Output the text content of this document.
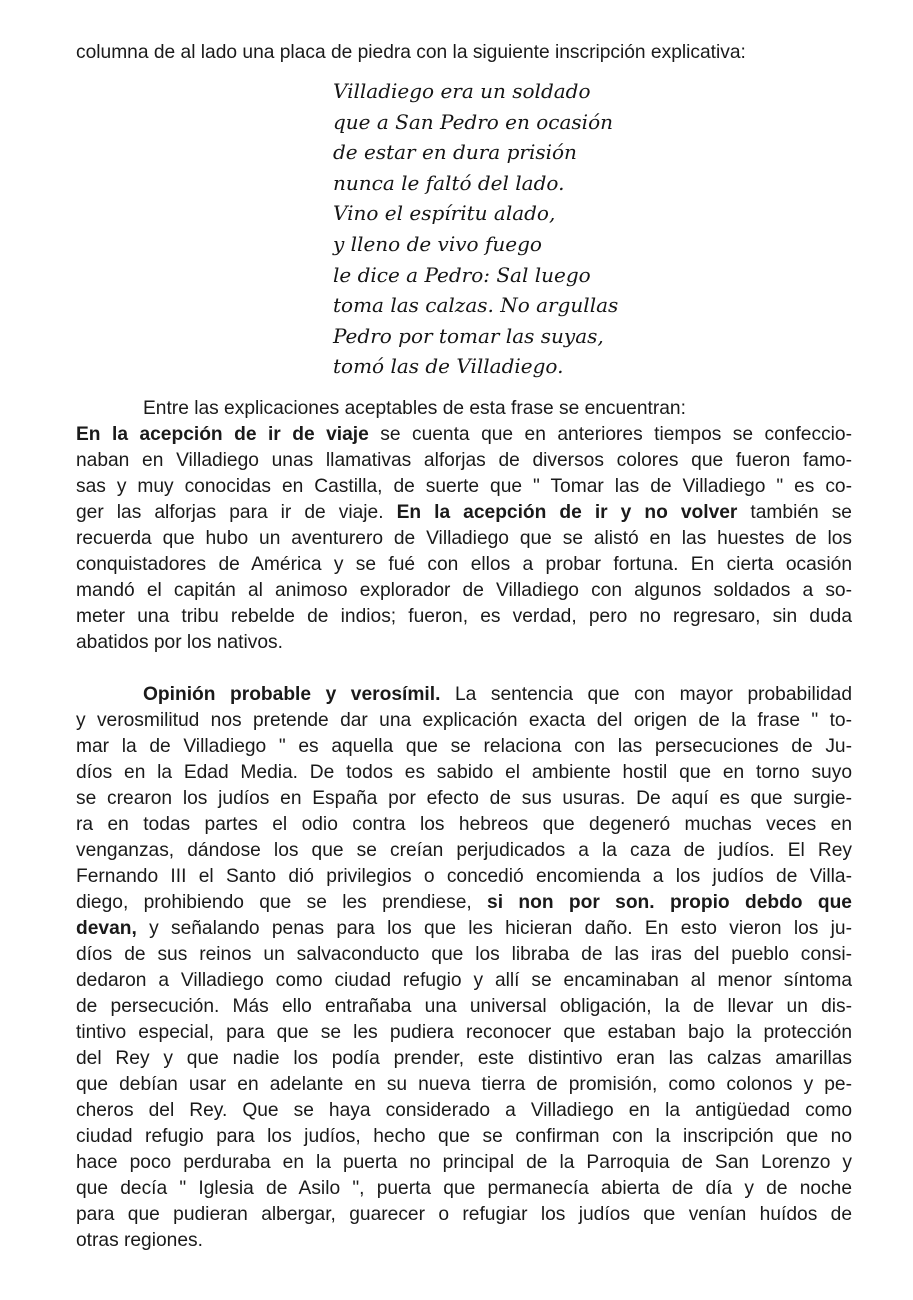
columna de al lado una placa de piedra con la siguiente inscripción explicativa:
Villadiego era un soldado
que a San Pedro en ocasión
de estar en dura prisión
nunca le faltó del lado.
Vino el espíritu alado,
y lleno de vivo fuego
le dice a Pedro: Sal luego
toma las calzas. No argullas
Pedro por tomar las suyas,
tomó las de Villadiego.
Entre las explicaciones aceptables de esta frase se encuentran:
En la acepción de ir de viaje se cuenta que en anteriores tiempos se confeccio-
naban en Villadiego unas llamativas alforjas de diversos colores que fueron famo-
sas y muy conocidas en Castilla, de suerte que " Tomar las de Villadiego " es co-
ger las alforjas para ir de viaje. En la acepción de ir y no volver también se
recuerda que hubo un aventurero de Villadiego que se alistó en las huestes de los
conquistadores de América y se fué con ellos a probar fortuna. En cierta ocasión
mandó el capitán al animoso explorador de Villadiego con algunos soldados a so-
meter una tribu rebelde de indios; fueron, es verdad, pero no regresaro, sin duda
abatidos por los nativos.
Opinión probable y verosímil. La sentencia que con mayor probabilidad
y verosmilitud nos pretende dar una explicación exacta del origen de la frase " to-
mar la de Villadiego " es aquella que se relaciona con las persecuciones de Ju-
díos en la Edad Media. De todos es sabido el ambiente hostil que en torno suyo
se crearon los judíos en España por efecto de sus usuras. De aquí es que surgie-
ra en todas partes el odio contra los hebreos que degeneró muchas veces en
venganzas, dándose los que se creían perjudicados a la caza de judíos. El Rey
Fernando III el Santo dió privilegios o concedió encomienda a los judíos de Villa-
diego, prohibiendo que se les prendiese, si non por son. propio debdo que
devan, y señalando penas para los que les hicieran daño. En esto vieron los ju-
díos de sus reinos un salvaconducto que los libraba de las iras del pueblo consi-
dedaron a Villadiego como ciudad refugio y allí se encaminaban al menor síntoma
de persecución. Más ello entrañaba una universal obligación, la de llevar un dis-
tintivo especial, para que se les pudiera reconocer que estaban bajo la protección
del Rey y que nadie los podía prender, este distintivo eran las calzas amarillas
que debían usar en adelante en su nueva tierra de promisión, como colonos y pe-
cheros del Rey. Que se haya considerado a Villadiego en la antigüedad como
ciudad refugio para los judíos, hecho que se confirman con la inscripción que no
hace poco perduraba en la puerta no principal de la Parroquia de San Lorenzo y
que decía " Iglesia de Asilo ", puerta que permanecía abierta de día y de noche
para que pudieran albergar, guarecer o refugiar los judíos que venían huídos de
otras regiones.
